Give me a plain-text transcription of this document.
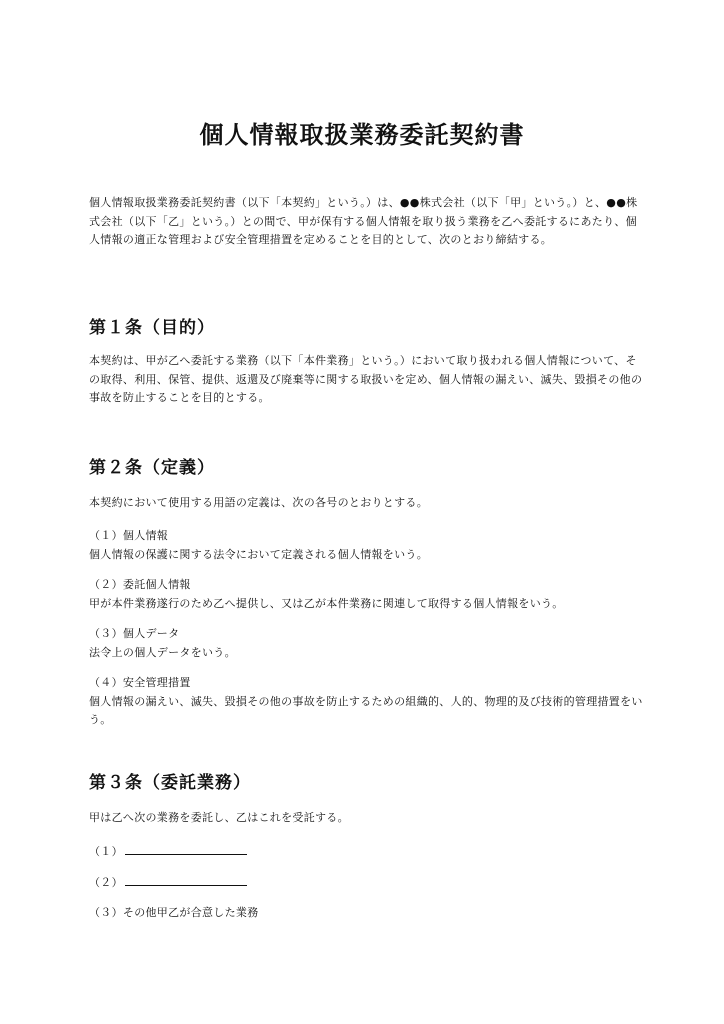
個人情報取扱業務委託契約書

個人情報取扱業務委託契約書（以下「本契約」という。）は、●●株式会社（以下「甲」という。）と、●●株式会社（以下「乙」という。）との間で、甲が保有する個人情報を取り扱う業務を乙へ委託するにあたり、個人情報の適正な管理および安全管理措置を定めることを目的として、次のとおり締結する。

第１条（目的）

本契約は、甲が乙へ委託する業務（以下「本件業務」という。）において取り扱われる個人情報について、その取得、利用、保管、提供、返還及び廃棄等に関する取扱いを定め、個人情報の漏えい、滅失、毀損その他の事故を防止することを目的とする。

第２条（定義）

本契約において使用する用語の定義は、次の各号のとおりとする。

（１）個人情報

個人情報の保護に関する法令において定義される個人情報をいう。

（２）委託個人情報

甲が本件業務遂行のため乙へ提供し、又は乙が本件業務に関連して取得する個人情報をいう。

（３）個人データ

法令上の個人データをいう。

（４）安全管理措置

個人情報の漏えい、滅失、毀損その他の事故を防止するための組織的、人的、物理的及び技術的管理措置をいう。

第３条（委託業務）

甲は乙へ次の業務を委託し、乙はこれを受託する。

（１）
（２）
（３）その他甲乙が合意した業務
